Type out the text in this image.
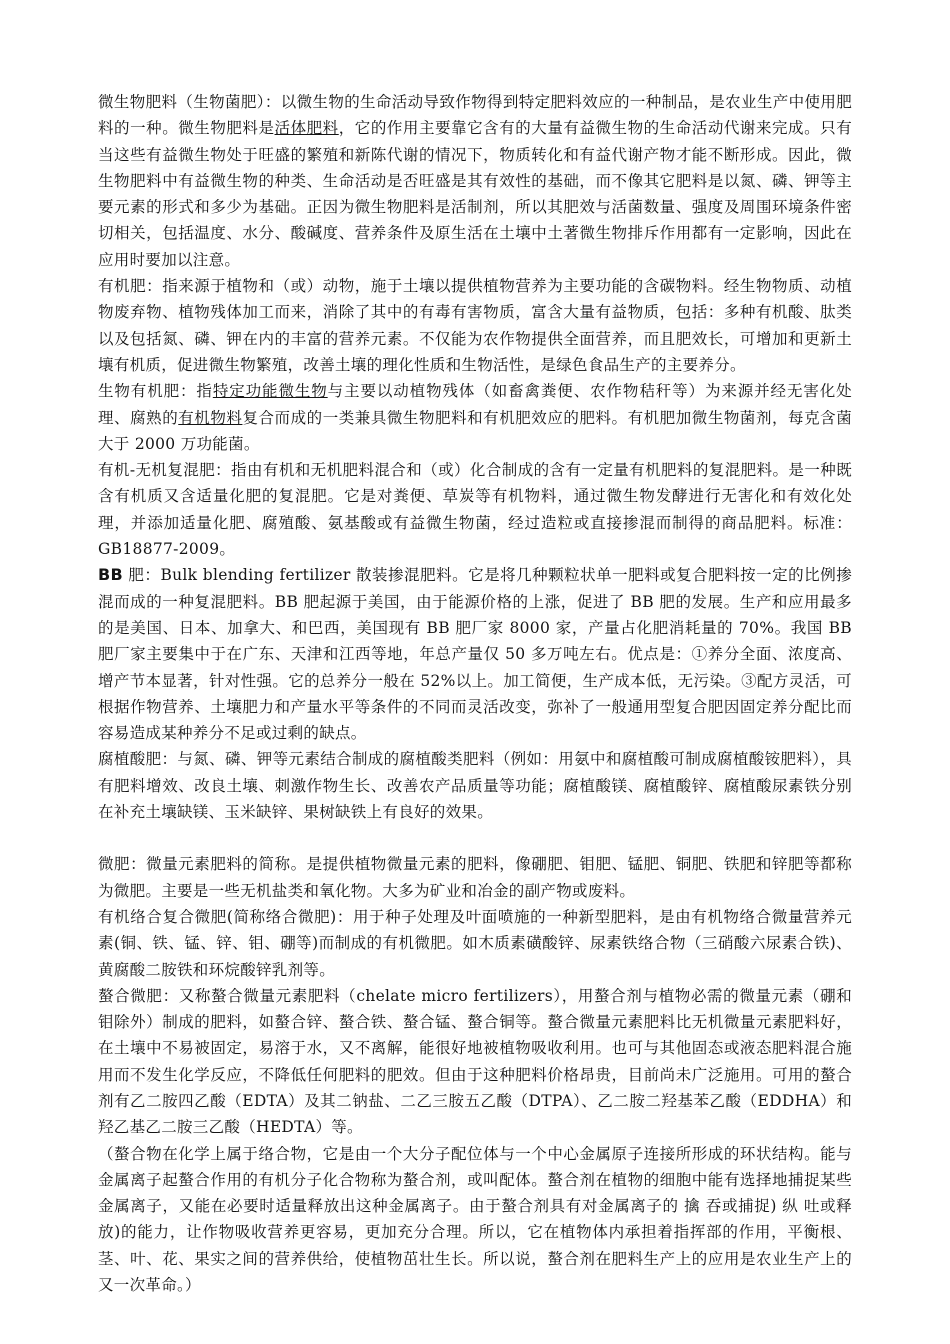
微生物肥料（生物菌肥）：以微生物的生命活动导致作物得到特定肥料效应的一种制品，是农业生产中使用肥料的一种。微生物肥料是活体肥料，它的作用主要靠它含有的大量有益微生物的生命活动代谢来完成。只有当这些有益微生物处于旺盛的繁殖和新陈代谢的情况下，物质转化和有益代谢产物才能不断形成。因此，微生物肥料中有益微生物的种类、生命活动是否旺盛是其有效性的基础，而不像其它肥料是以氮、磷、钾等主要元素的形式和多少为基础。正因为微生物肥料是活制剂，所以其肥效与活菌数量、强度及周围环境条件密切相关，包括温度、水分、酸碱度、营养条件及原生活在土壤中土著微生物排斥作用都有一定影响，因此在应用时要加以注意。

有机肥：指来源于植物和（或）动物，施于土壤以提供植物营养为主要功能的含碳物料。经生物物质、动植物废弃物、植物残体加工而来，消除了其中的有毒有害物质，富含大量有益物质，包括：多种有机酸、肽类以及包括氮、磷、钾在内的丰富的营养元素。不仅能为农作物提供全面营养，而且肥效长，可增加和更新土壤有机质，促进微生物繁殖，改善土壤的理化性质和生物活性，是绿色食品生产的主要养分。

生物有机肥：指特定功能微生物与主要以动植物残体（如畜禽粪便、农作物秸秆等）为来源并经无害化处理、腐熟的有机物料复合而成的一类兼具微生物肥料和有机肥效应的肥料。有机肥加微生物菌剂，每克含菌大于 2000 万功能菌。

有机-无机复混肥：指由有机和无机肥料混合和（或）化合制成的含有一定量有机肥料的复混肥料。是一种既含有机质又含适量化肥的复混肥。它是对粪便、草炭等有机物料，通过微生物发酵进行无害化和有效化处理，并添加适量化肥、腐殖酸、氨基酸或有益微生物菌，经过造粒或直接掺混而制得的商品肥料。标准：GB18877-2009。

BB 肥：Bulk blending fertilizer 散装掺混肥料。它是将几种颗粒状单一肥料或复合肥料按一定的比例掺混而成的一种复混肥料。BB 肥起源于美国，由于能源价格的上涨，促进了 BB 肥的发展。生产和应用最多的是美国、日本、加拿大、和巴西，美国现有 BB 肥厂家 8000 家，产量占化肥消耗量的 70%。我国 BB 肥厂家主要集中于在广东、天津和江西等地，年总产量仅 50 多万吨左右。优点是：①养分全面、浓度高、增产节本显著，针对性强。它的总养分一般在 52%以上。加工简便，生产成本低，无污染。③配方灵活，可根据作物营养、土壤肥力和产量水平等条件的不同而灵活改变，弥补了一般通用型复合肥因固定养分配比而容易造成某种养分不足或过剩的缺点。

腐植酸肥：与氮、磷、钾等元素结合制成的腐植酸类肥料（例如：用氨中和腐植酸可制成腐植酸铵肥料），具有肥料增效、改良土壤、刺激作物生长、改善农产品质量等功能；腐植酸镁、腐植酸锌、腐植酸尿素铁分别在补充土壤缺镁、玉米缺锌、果树缺铁上有良好的效果。

微肥：微量元素肥料的简称。是提供植物微量元素的肥料，像硼肥、钼肥、锰肥、铜肥、铁肥和锌肥等都称为微肥。主要是一些无机盐类和氧化物。大多为矿业和冶金的副产物或废料。

有机络合复合微肥(简称络合微肥)：用于种子处理及叶面喷施的一种新型肥料，是由有机物络合微量营养元素(铜、铁、锰、锌、钼、硼等)而制成的有机微肥。如木质素磺酸锌、尿素铁络合物（三硝酸六尿素合铁)、黄腐酸二胺铁和环烷酸锌乳剂等。

螯合微肥：又称螯合微量元素肥料（chelate micro fertilizers），用螯合剂与植物必需的微量元素（硼和钼除外）制成的肥料，如螯合锌、螯合铁、螯合锰、螯合铜等。螯合微量元素肥料比无机微量元素肥料好，在土壤中不易被固定，易溶于水，又不离解，能很好地被植物吸收利用。也可与其他固态或液态肥料混合施用而不发生化学反应，不降低任何肥料的肥效。但由于这种肥料价格昂贵，目前尚未广泛施用。可用的螯合剂有乙二胺四乙酸（EDTA）及其二钠盐、二乙三胺五乙酸（DTPA）、乙二胺二羟基苯乙酸（EDDHA）和羟乙基乙二胺三乙酸（HEDTA）等。

（螯合物在化学上属于络合物，它是由一个大分子配位体与一个中心金属原子连接所形成的环状结构。能与金属离子起螯合作用的有机分子化合物称为螯合剂，或叫配体。螯合剂在植物的细胞中能有选择地捕捉某些金属离子，又能在必要时适量释放出这种金属离子。由于螯合剂具有对金属离子的 擒 吞或捕捉) 纵 吐或释放)的能力，让作物吸收营养更容易，更加充分合理。所以，它在植物体内承担着指挥部的作用，平衡根、茎、叶、花、果实之间的营养供给，使植物茁壮生长。所以说，螯合剂在肥料生产上的应用是农业生产上的又一次革命。）
